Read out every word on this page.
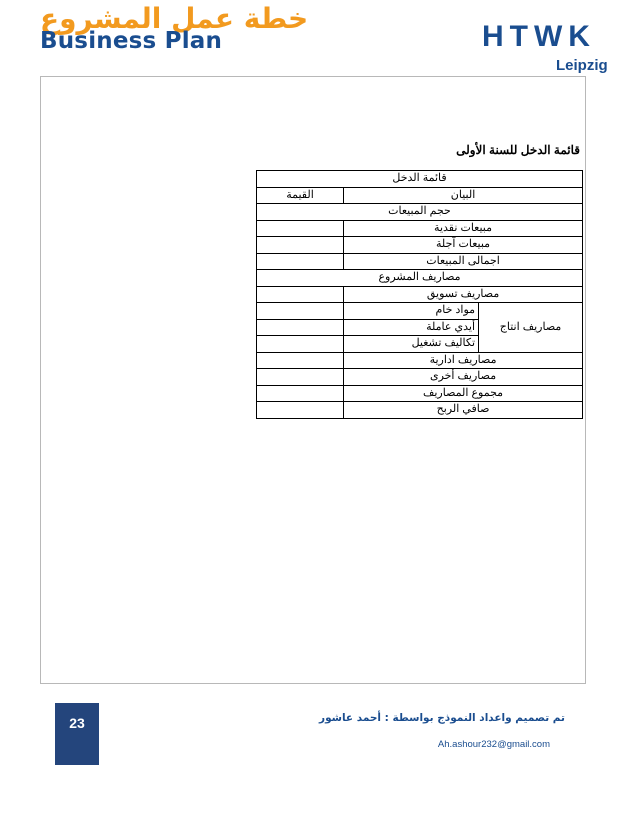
خطة عمل المشروع
Business Plan	HTWK
Leipzig
قائمة الدخل للسنة الأولى
قائمة الدخل		
البيان		القيمة
حجم المبيعات		
مبيعات نقدية		
مبيعات آجلة		
اجمالى المبيعات		
مصاريف المشروع		
مصاريف تسويق		
مصاريف انتاج	مواد خام	
	أيدي عاملة	
	تكاليف تشغيل	
مصاريف ادارية		
مصاريف أخرى		
مجموع المصاريف		
صافي الربح		
تم تصميم واعداد النموذج بواسطة : أحمد عاشور
Ah.ashour232@gmail.com
23
